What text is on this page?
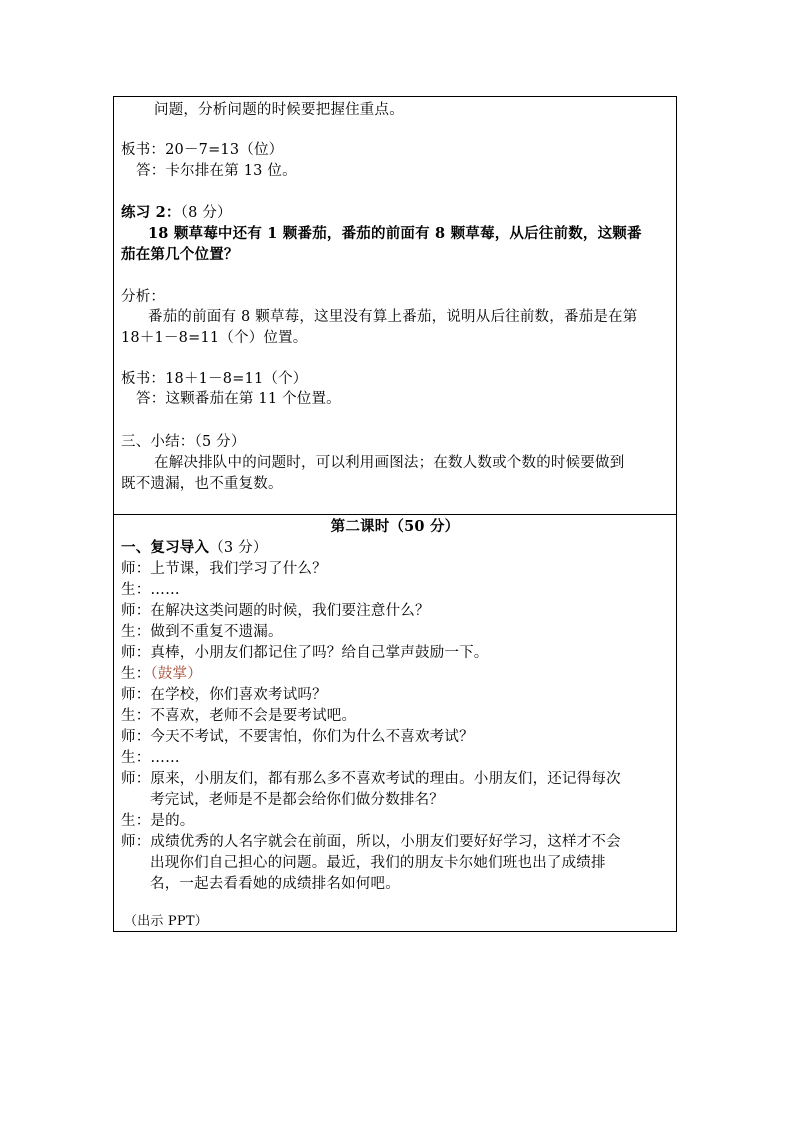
问题，分析问题的时候要把握住重点。
板书：20－7=13（位）
答：卡尔排在第 13 位。
练习 2：（8 分）
18 颗草莓中还有 1 颗番茄，番茄的前面有 8 颗草莓，从后往前数，这颗番
茄在第几个位置？
分析：
番茄的前面有 8 颗草莓，这里没有算上番茄，说明从后往前数，番茄是在第
18＋1－8=11（个）位置。
板书：18＋1－8=11（个）
答：这颗番茄在第 11 个位置。
三、小结：（5 分）
在解决排队中的问题时，可以利用画图法；在数人数或个数的时候要做到
既不遗漏，也不重复数。
第二课时（50 分）
一、复习导入（3 分）
师：上节课，我们学习了什么？
生：……
师：在解决这类问题的时候，我们要注意什么？
生：做到不重复不遗漏。
师：真棒，小朋友们都记住了吗？给自己掌声鼓励一下。
生：（鼓掌）
师：在学校，你们喜欢考试吗？
生：不喜欢，老师不会是要考试吧。
师：今天不考试，不要害怕，你们为什么不喜欢考试？
生：……
师：原来，小朋友们，都有那么多不喜欢考试的理由。小朋友们，还记得每次
考完试，老师是不是都会给你们做分数排名？
生：是的。
师：成绩优秀的人名字就会在前面，所以，小朋友们要好好学习，这样才不会
出现你们自己担心的问题。最近，我们的朋友卡尔她们班也出了成绩排
名，一起去看看她的成绩排名如何吧。
（出示 PPT）
